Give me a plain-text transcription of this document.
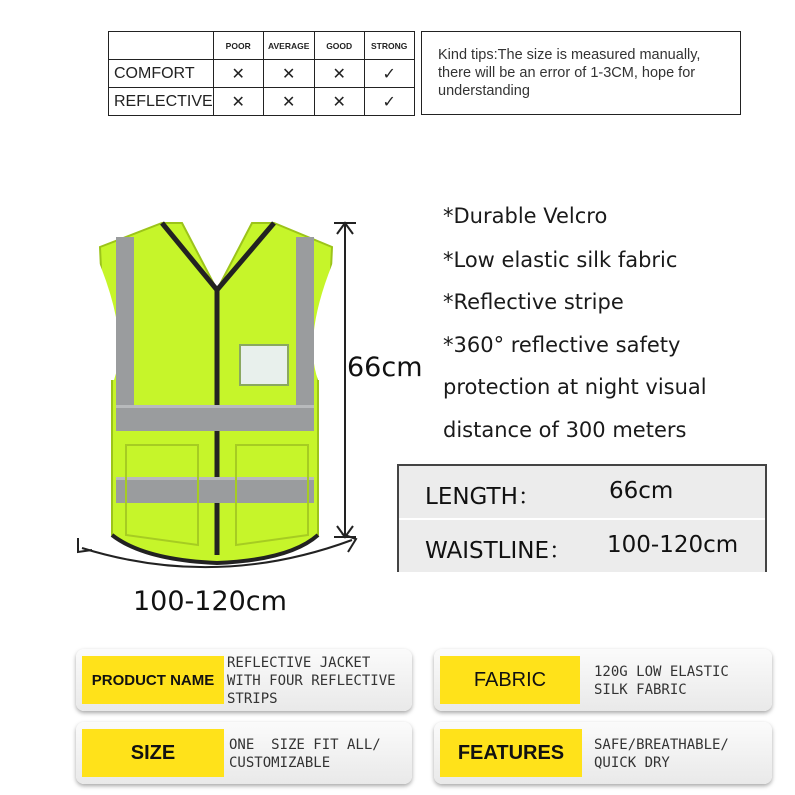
	POOR	AVERAGE	GOOD	STRONG
COMFORT	✕	✕	✕	✓
REFLECTIVE	✕	✕	✕	✓
Kind tips:The size is measured manually, there will be an error of 1-3CM, hope for understanding
66cm
100-120cm
*Durable Velcro
*Low elastic silk fabric
*Reflective stripe
*360° reflective safety
protection at night visual
distance of 300 meters
LENGTH：	66cm
WAISTLINE： 100-120cm
PRODUCT NAME
REFLECTIVE JACKET
WITH FOUR REFLECTIVE
STRIPS
FABRIC	120G LOW ELASTIC
SILK FABRIC
SIZE	ONE  SIZE FIT ALL/
CUSTOMIZABLE	FEATURES	SAFE/BREATHABLE/
QUICK DRY
